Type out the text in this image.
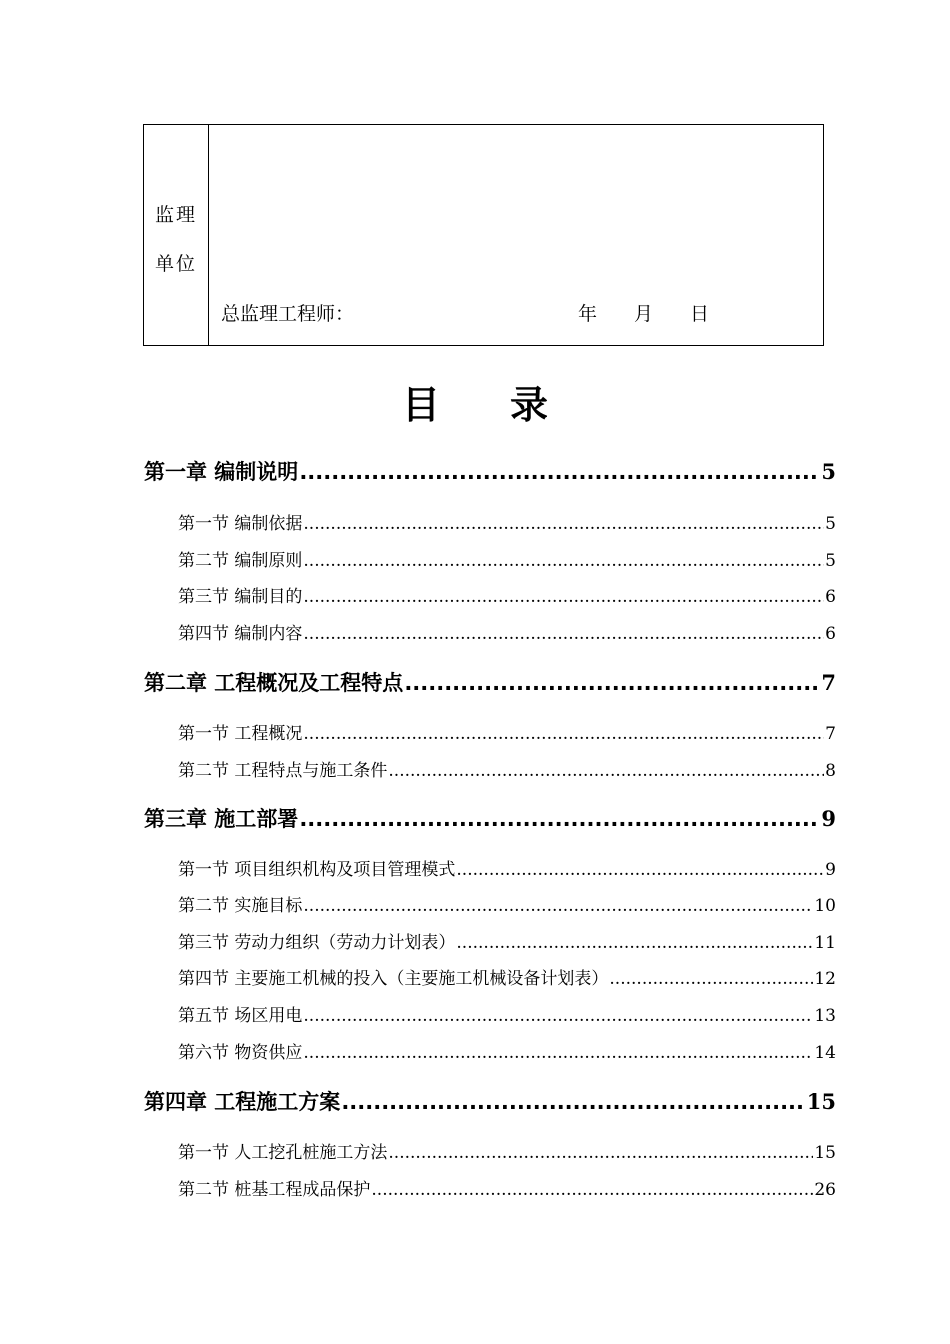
监理
单位
总监理工程师：	年 月 日
目录
第一章 编制说明 .....	5
第一节 编制依据 .....	5
第二节 编制原则 .....	5
第三节 编制目的 .....	6
第四节 编制内容 .....	6
第二章 工程概况及工程特点 .....	7
第一节 工程概况 .....	7
第二节 工程特点与施工条件 .....	8
第三章 施工部署 .....	9
第一节 项目组织机构及项目管理模式 .....	9
第二节 实施目标 .....	10
第三节 劳动力组织（劳动力计划表） .....	11
第四节 主要施工机械的投入（主要施工机械设备计划表） .....	12
第五节 场区用电 .....	13
第六节 物资供应 .....	14
第四章 工程施工方案 .....	15
第一节 人工挖孔桩施工方法 .....	15
第二节 桩基工程成品保护 .....	26
